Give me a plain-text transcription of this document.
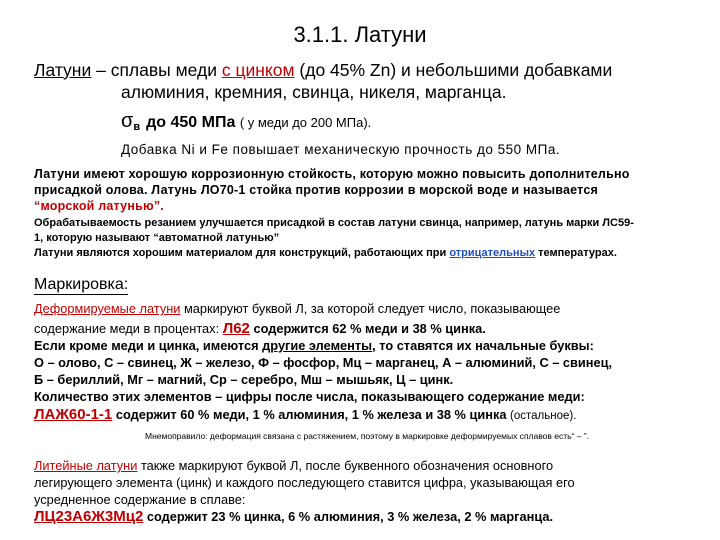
3.1.1. Латуни
Латуни – сплавы меди с цинком (до 45% Zn) и небольшими добавками
алюминия, кремния, свинца, никеля, марганца.
$\sigma_в$ до 450 МПа ( у меди до 200 МПа).
Добавка Ni и Fe повышает механическую прочность до 550 МПа.
Латуни имеют хорошую коррозионную стойкость, которую можно повысить дополнительно
присадкой олова. Латунь ЛО70-1 стойка против коррозии в морской воде и называется
“морской латунью”.
Обрабатываемость резанием улучшается присадкой в состав латуни свинца, например, латунь марки ЛС59-
1, которую называют “автоматной латунью”
Латуни являются хорошим материалом для конструкций, работающих при отрицательных температурах.
Маркировка:
Деформируемые латуни маркируют буквой Л, за которой следует число, показывающее
содержание меди в процентах: Л62 содержится 62 % меди и 38 % цинка.
Если кроме меди и цинка, имеются другие элементы, то ставятся их начальные буквы:
О – олово, С – свинец, Ж – железо, Ф – фосфор, Мц – марганец, А – алюминий, С – свинец,
Б – бериллий, Мг – магний, Ср – серебро, Мш – мышьяк, Ц – цинк.
Количество этих элементов – цифры после числа, показывающего содержание меди:
ЛАЖ60-1-1 содержит 60 % меди, 1 % алюминия, 1 % железа и 38 % цинка (остальное).
Мнемоправило: деформация связана с растяжением, поэтому в маркировке деформируемых сплавов есть“ – ”.
Литейные латуни также маркируют буквой Л, после буквенного обозначения основного
легирующего элемента (цинк) и каждого последующего ставится цифра, указывающая его
усредненное содержание в сплаве:
ЛЦ23А6Ж3Мц2 содержит 23 % цинка, 6 % алюминия, 3 % железа, 2 % марганца.
